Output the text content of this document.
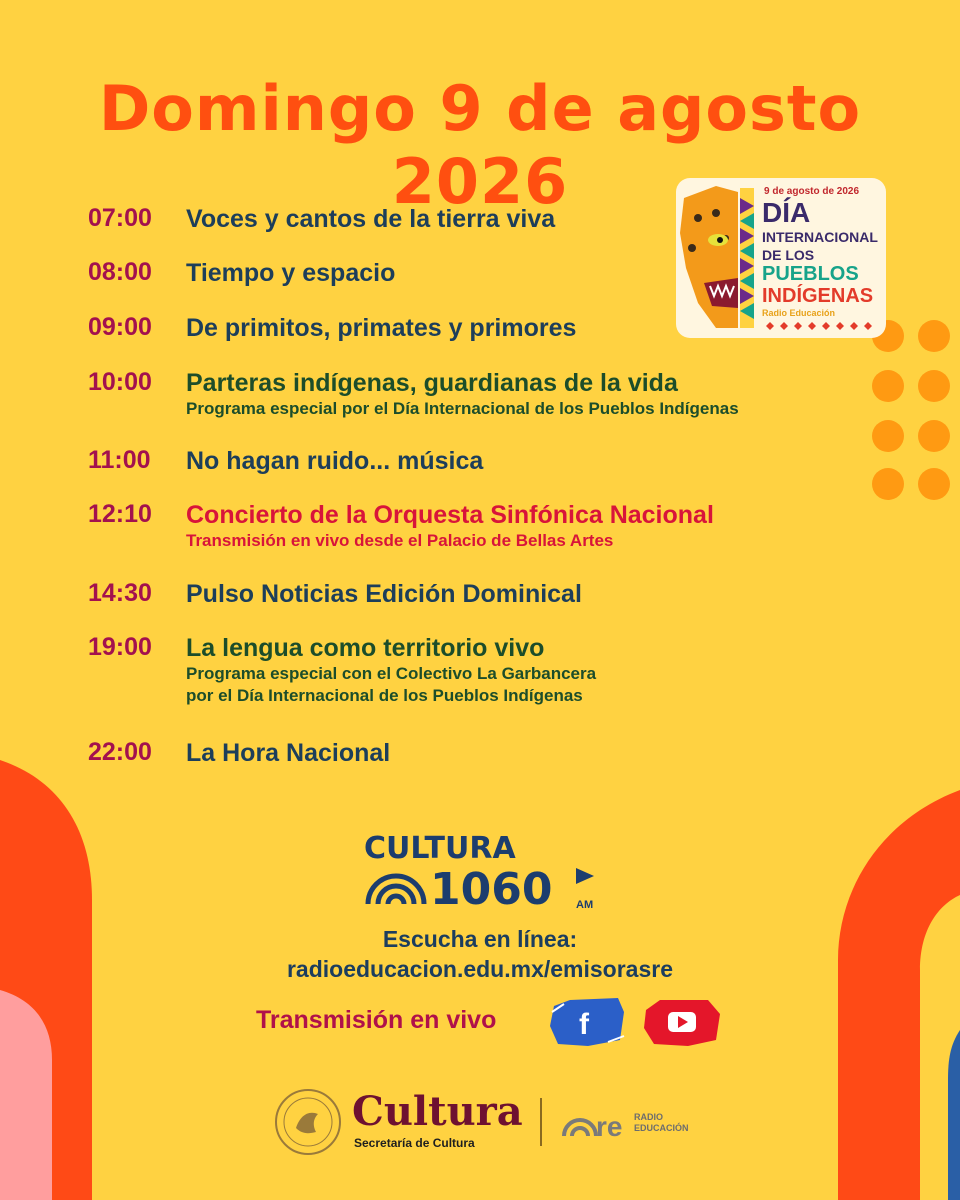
Domingo 9 de agosto 2026	9 de agosto de 2026
DÍA
INTERNACIONAL
DE LOS
PUEBLOS
INDÍGENAS
Radio Educación
07:00	Voces y cantos de la tierra viva
08:00	Tiempo y espacio
09:00	De primitos, primates y primores
10:00	Parteras indígenas, guardianas de la vida
Programa especial por el Día Internacional de los Pueblos Indígenas
11:00	No hagan ruido... música
12:10	Concierto de la Orquesta Sinfónica Nacional
Transmisión en vivo desde el Palacio de Bellas Artes
14:30	Pulso Noticias Edición Dominical
19:00	La lengua como territorio vivo
Programa especial con el Colectivo La Garbancera
por el Día Internacional de los Pueblos Indígenas
22:00	La Hora Nacional
CULTURA
1060 AM
Escucha en línea:
radioeducacion.edu.mx/emisorasre
Transmisión en vivo	f
Cultura
Secretaría de Cultura
re RADIO
EDUCACIÓN
